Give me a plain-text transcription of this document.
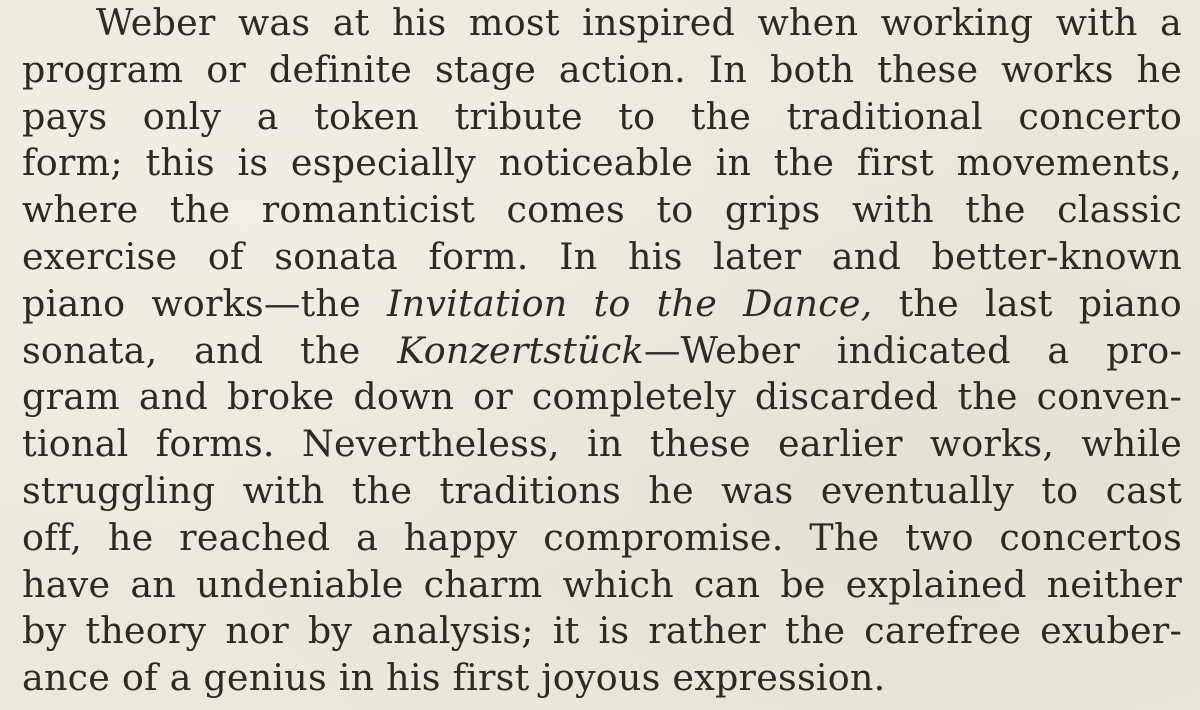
Weber was at his most inspired when working with a
program or definite stage action. In both these works he
pays only a token tribute to the traditional concerto
form; this is especially noticeable in the first movements,
where the romanticist comes to grips with the classic
exercise of sonata form. In his later and better-known
piano works—the Invitation to the Dance, the last piano
sonata, and the Konzertstück—Weber indicated a pro-
gram and broke down or completely discarded the conven-
tional forms. Nevertheless, in these earlier works, while
struggling with the traditions he was eventually to cast
off, he reached a happy compromise. The two concertos
have an undeniable charm which can be explained neither
by theory nor by analysis; it is rather the carefree exuber-
ance of a genius in his first joyous expression.
